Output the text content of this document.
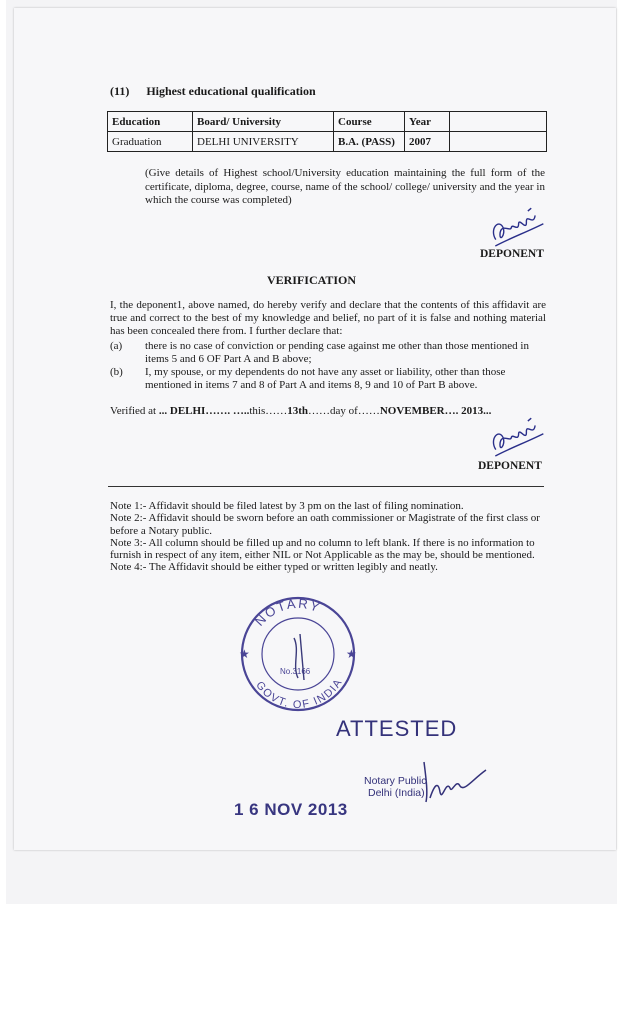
(11) Highest educational qualification
Education	Board/ University	Course	Year	
Graduation	DELHI UNIVERSITY	B.A. (PASS)	2007	
(Give details of Highest school/University education maintaining the full form of the certificate, diploma, degree, course, name of the school/ college/ university and the year in which the course was completed)
DEPONENT
VERIFICATION
I, the deponent1, above named, do hereby verify and declare that the contents of this affidavit are true and correct to the best of my knowledge and belief, no part of it is false and nothing material has been concealed there from. I further declare that:
(a) there is no case of conviction or pending case against me other than those mentioned in items 5 and 6 OF Part A and B above;
(b) I, my spouse, or my dependents do not have any asset or liability, other than those mentioned in items 7 and 8 of Part A and items 8, 9 and 10 of Part B above.
Verified at ... DELHI……. …..this……13th……day of……NOVEMBER…. 2013...
DEPONENT
Note 1:- Affidavit should be filed latest by 3 pm on the last of filing nomination.
Note 2:- Affidavit should be sworn before an oath commissioner or Magistrate of the first class or before a Notary public.
Note 3:- All column should be filled up and no column to left blank. If there is no information to furnish in respect of any item, either NIL or Not Applicable as the may be, should be mentioned.
Note 4:- The Affidavit should be either typed or written legibly and neatly.
NOTARY
GOVT. OF INDIA
★	★
No.3166
ATTESTED
Notary Public
Delhi (India)
1 6 NOV 2013
